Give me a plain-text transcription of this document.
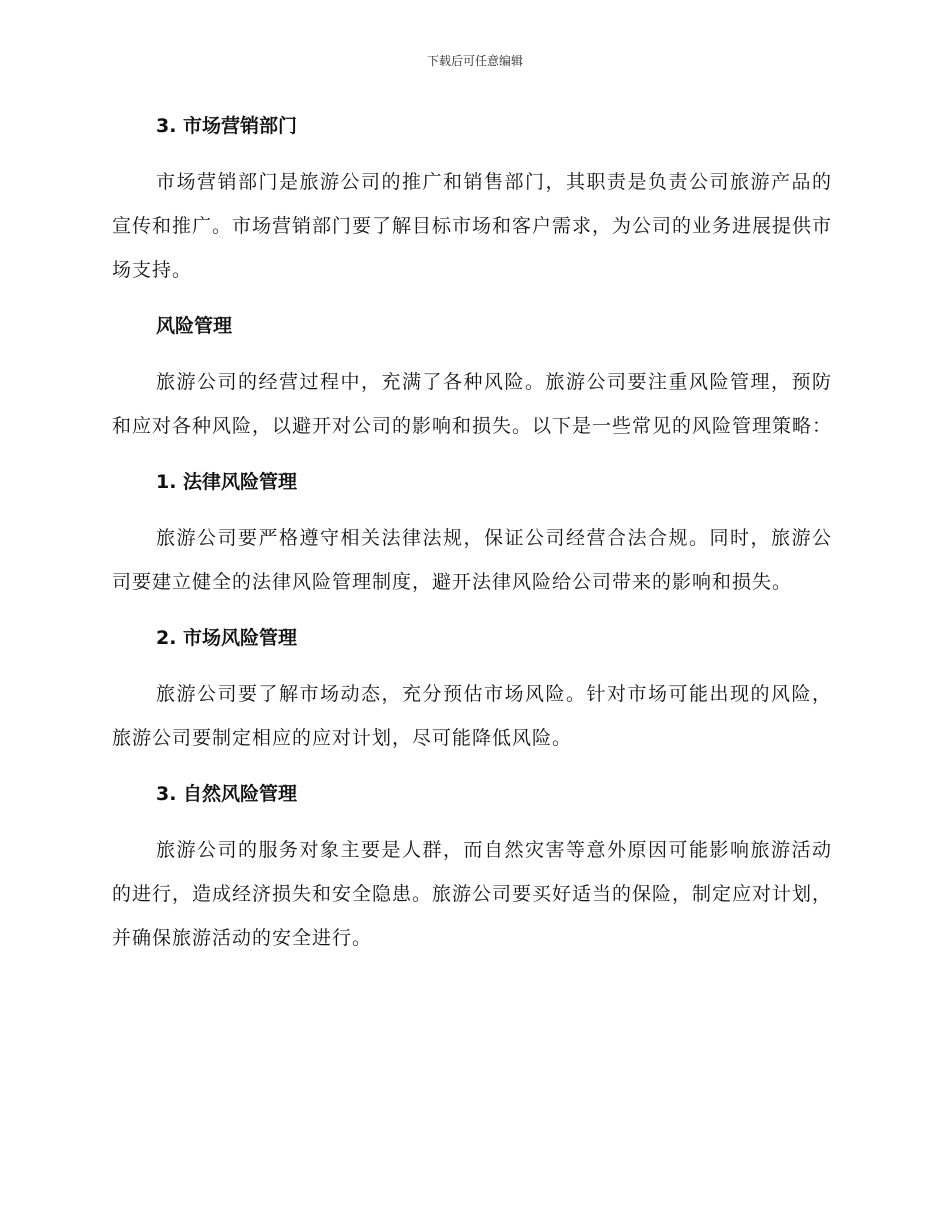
下载后可任意编辑
3. 市场营销部门

市场营销部门是旅游公司的推广和销售部门，其职责是负责公司旅游产品的宣传和推广。市场营销部门要了解目标市场和客户需求，为公司的业务进展提供市场支持。

风险管理

旅游公司的经营过程中，充满了各种风险。旅游公司要注重风险管理，预防和应对各种风险，以避开对公司的影响和损失。以下是一些常见的风险管理策略：

1. 法律风险管理

旅游公司要严格遵守相关法律法规，保证公司经营合法合规。同时，旅游公司要建立健全的法律风险管理制度，避开法律风险给公司带来的影响和损失。

2. 市场风险管理

旅游公司要了解市场动态，充分预估市场风险。针对市场可能出现的风险，旅游公司要制定相应的应对计划，尽可能降低风险。

3. 自然风险管理

旅游公司的服务对象主要是人群，而自然灾害等意外原因可能影响旅游活动的进行，造成经济损失和安全隐患。旅游公司要买好适当的保险，制定应对计划，并确保旅游活动的安全进行。
